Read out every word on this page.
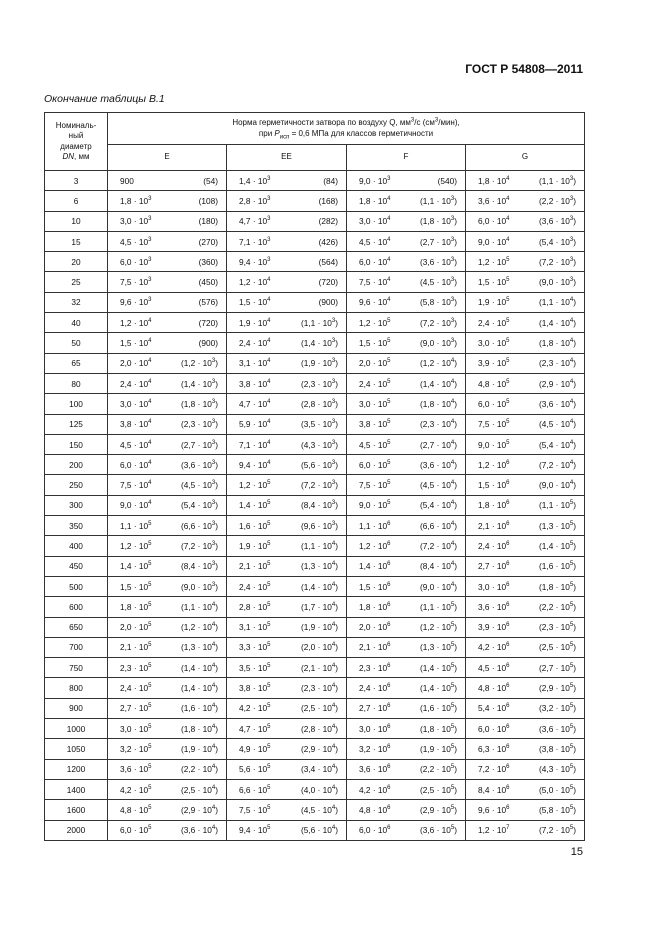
ГОСТ Р 54808—2011
Окончание таблицы В.1
Номиналь-
ный
диаметр
DN, мм	Норма герметичности затвора по воздуху Q, $мм^3/с$ $(см^3/мин)$,
при $P_{исп} = 0,6$ МПа для классов герметичности			
	E	EE	F	G
3	900 (54)	$1,4 \cdot 10^3$ (84)	$9,0 \cdot 10^3$ (540)	$1,8 \cdot 10^4$ $(1,1 \cdot 10^3)$

6	$1,8 \cdot 10^3$ (108)	$2,8 \cdot 10^3$ (168)	$1,8 \cdot 10^4$ $(1,1 \cdot 10^3)$	$3,6 \cdot 10^4$ $(2,2 \cdot 10^3)$

10	$3,0 \cdot 10^3$ (180)	$4,7 \cdot 10^3$ (282)	$3,0 \cdot 10^4$ $(1,8 \cdot 10^3)$	$6,0 \cdot 10^4$ $(3,6 \cdot 10^3)$

15	$4,5 \cdot 10^3$ (270)	$7,1 \cdot 10^3$ (426)	$4,5 \cdot 10^4$ $(2,7 \cdot 10^3)$	$9,0 \cdot 10^4$ $(5,4 \cdot 10^3)$

20	$6,0 \cdot 10^3$ (360)	$9,4 \cdot 10^3$ (564)	$6,0 \cdot 10^4$ $(3,6 \cdot 10^3)$	$1,2 \cdot 10^5$ $(7,2 \cdot 10^3)$

25	$7,5 \cdot 10^3$ (450)	$1,2 \cdot 10^4$ (720)	$7,5 \cdot 10^4$ $(4,5 \cdot 10^3)$	$1,5 \cdot 10^5$ $(9,0 \cdot 10^3)$

32	$9,6 \cdot 10^3$ (576)	$1,5 \cdot 10^4$ (900)	$9,6 \cdot 10^4$ $(5,8 \cdot 10^3)$	$1,9 \cdot 10^5$ $(1,1 \cdot 10^4)$

40	$1,2 \cdot 10^4$ (720)	$1,9 \cdot 10^4$ $(1,1 \cdot 10^3)$	$1,2 \cdot 10^5$ $(7,2 \cdot 10^3)$	$2,4 \cdot 10^5$ $(1,4 \cdot 10^4)$

50	$1,5 \cdot 10^4$ (900)	$2,4 \cdot 10^4$ $(1,4 \cdot 10^3)$	$1,5 \cdot 10^5$ $(9,0 \cdot 10^3)$	$3,0 \cdot 10^5$ $(1,8 \cdot 10^4)$

65	$2,0 \cdot 10^4$ $(1,2 \cdot 10^3)$	$3,1 \cdot 10^4$ $(1,9 \cdot 10^3)$	$2,0 \cdot 10^5$ $(1,2 \cdot 10^4)$	$3,9 \cdot 10^5$ $(2,3 \cdot 10^4)$

80	$2,4 \cdot 10^4$ $(1,4 \cdot 10^3)$	$3,8 \cdot 10^4$ $(2,3 \cdot 10^3)$	$2,4 \cdot 10^5$ $(1,4 \cdot 10^4)$	$4,8 \cdot 10^5$ $(2,9 \cdot 10^4)$

100	$3,0 \cdot 10^4$ $(1,8 \cdot 10^3)$	$4,7 \cdot 10^4$ $(2,8 \cdot 10^3)$	$3,0 \cdot 10^5$ $(1,8 \cdot 10^4)$	$6,0 \cdot 10^5$ $(3,6 \cdot 10^4)$

125	$3,8 \cdot 10^4$ $(2,3 \cdot 10^3)$	$5,9 \cdot 10^4$ $(3,5 \cdot 10^3)$	$3,8 \cdot 10^5$ $(2,3 \cdot 10^4)$	$7,5 \cdot 10^5$ $(4,5 \cdot 10^4)$

150	$4,5 \cdot 10^4$ $(2,7 \cdot 10^3)$	$7,1 \cdot 10^4$ $(4,3 \cdot 10^3)$	$4,5 \cdot 10^5$ $(2,7 \cdot 10^4)$	$9,0 \cdot 10^5$ $(5,4 \cdot 10^4)$

200	$6,0 \cdot 10^4$ $(3,6 \cdot 10^3)$	$9,4 \cdot 10^4$ $(5,6 \cdot 10^3)$	$6,0 \cdot 10^5$ $(3,6 \cdot 10^4)$	$1,2 \cdot 10^6$ $(7,2 \cdot 10^4)$

250	$7,5 \cdot 10^4$ $(4,5 \cdot 10^3)$	$1,2 \cdot 10^5$ $(7,2 \cdot 10^3)$	$7,5 \cdot 10^5$ $(4,5 \cdot 10^4)$	$1,5 \cdot 10^6$ $(9,0 \cdot 10^4)$

300	$9,0 \cdot 10^4$ $(5,4 \cdot 10^3)$	$1,4 \cdot 10^5$ $(8,4 \cdot 10^3)$	$9,0 \cdot 10^5$ $(5,4 \cdot 10^4)$	$1,8 \cdot 10^6$ $(1,1 \cdot 10^5)$

350	$1,1 \cdot 10^5$ $(6,6 \cdot 10^3)$	$1,6 \cdot 10^5$ $(9,6 \cdot 10^3)$	$1,1 \cdot 10^6$ $(6,6 \cdot 10^4)$	$2,1 \cdot 10^6$ $(1,3 \cdot 10^5)$

400	$1,2 \cdot 10^5$ $(7,2 \cdot 10^3)$	$1,9 \cdot 10^5$ $(1,1 \cdot 10^4)$	$1,2 \cdot 10^6$ $(7,2 \cdot 10^4)$	$2,4 \cdot 10^6$ $(1,4 \cdot 10^5)$

450	$1,4 \cdot 10^5$ $(8,4 \cdot 10^3)$	$2,1 \cdot 10^5$ $(1,3 \cdot 10^4)$	$1,4 \cdot 10^6$ $(8,4 \cdot 10^4)$	$2,7 \cdot 10^6$ $(1,6 \cdot 10^5)$

500	$1,5 \cdot 10^5$ $(9,0 \cdot 10^3)$	$2,4 \cdot 10^5$ $(1,4 \cdot 10^4)$	$1,5 \cdot 10^6$ $(9,0 \cdot 10^4)$	$3,0 \cdot 10^6$ $(1,8 \cdot 10^5)$

600	$1,8 \cdot 10^5$ $(1,1 \cdot 10^4)$	$2,8 \cdot 10^5$ $(1,7 \cdot 10^4)$	$1,8 \cdot 10^6$ $(1,1 \cdot 10^5)$	$3,6 \cdot 10^6$ $(2,2 \cdot 10^5)$

650	$2,0 \cdot 10^5$ $(1,2 \cdot 10^4)$	$3,1 \cdot 10^5$ $(1,9 \cdot 10^4)$	$2,0 \cdot 10^6$ $(1,2 \cdot 10^5)$	$3,9 \cdot 10^6$ $(2,3 \cdot 10^5)$

700	$2,1 \cdot 10^5$ $(1,3 \cdot 10^4)$	$3,3 \cdot 10^5$ $(2,0 \cdot 10^4)$	$2,1 \cdot 10^6$ $(1,3 \cdot 10^5)$	$4,2 \cdot 10^6$ $(2,5 \cdot 10^5)$

750	$2,3 \cdot 10^5$ $(1,4 \cdot 10^4)$	$3,5 \cdot 10^5$ $(2,1 \cdot 10^4)$	$2,3 \cdot 10^6$ $(1,4 \cdot 10^5)$	$4,5 \cdot 10^6$ $(2,7 \cdot 10^5)$

800	$2,4 \cdot 10^5$ $(1,4 \cdot 10^4)$	$3,8 \cdot 10^5$ $(2,3 \cdot 10^4)$	$2,4 \cdot 10^6$ $(1,4 \cdot 10^5)$	$4,8 \cdot 10^6$ $(2,9 \cdot 10^5)$

900	$2,7 \cdot 10^5$ $(1,6 \cdot 10^4)$	$4,2 \cdot 10^5$ $(2,5 \cdot 10^4)$	$2,7 \cdot 10^6$ $(1,6 \cdot 10^5)$	$5,4 \cdot 10^6$ $(3,2 \cdot 10^5)$

1000	$3,0 \cdot 10^5$ $(1,8 \cdot 10^4)$	$4,7 \cdot 10^5$ $(2,8 \cdot 10^4)$	$3,0 \cdot 10^6$ $(1,8 \cdot 10^5)$	$6,0 \cdot 10^6$ $(3,6 \cdot 10^5)$

1050	$3,2 \cdot 10^5$ $(1,9 \cdot 10^4)$	$4,9 \cdot 10^5$ $(2,9 \cdot 10^4)$	$3,2 \cdot 10^6$ $(1,9 \cdot 10^5)$	$6,3 \cdot 10^6$ $(3,8 \cdot 10^5)$

1200	$3,6 \cdot 10^5$ $(2,2 \cdot 10^4)$	$5,6 \cdot 10^5$ $(3,4 \cdot 10^4)$	$3,6 \cdot 10^6$ $(2,2 \cdot 10^5)$	$7,2 \cdot 10^6$ $(4,3 \cdot 10^5)$

1400	$4,2 \cdot 10^5$ $(2,5 \cdot 10^4)$	$6,6 \cdot 10^5$ $(4,0 \cdot 10^4)$	$4,2 \cdot 10^6$ $(2,5 \cdot 10^5)$	$8,4 \cdot 10^6$ $(5,0 \cdot 10^5)$

1600	$4,8 \cdot 10^5$ $(2,9 \cdot 10^4)$	$7,5 \cdot 10^5$ $(4,5 \cdot 10^4)$	$4,8 \cdot 10^6$ $(2,9 \cdot 10^5)$	$9,6 \cdot 10^6$ $(5,8 \cdot 10^5)$

2000	$6,0 \cdot 10^5$ $(3,6 \cdot 10^4)$	$9,4 \cdot 10^5$ $(5,6 \cdot 10^4)$	$6,0 \cdot 10^6$ $(3,6 \cdot 10^5)$	$1,2 \cdot 10^7$ $(7,2 \cdot 10^5)$
15
